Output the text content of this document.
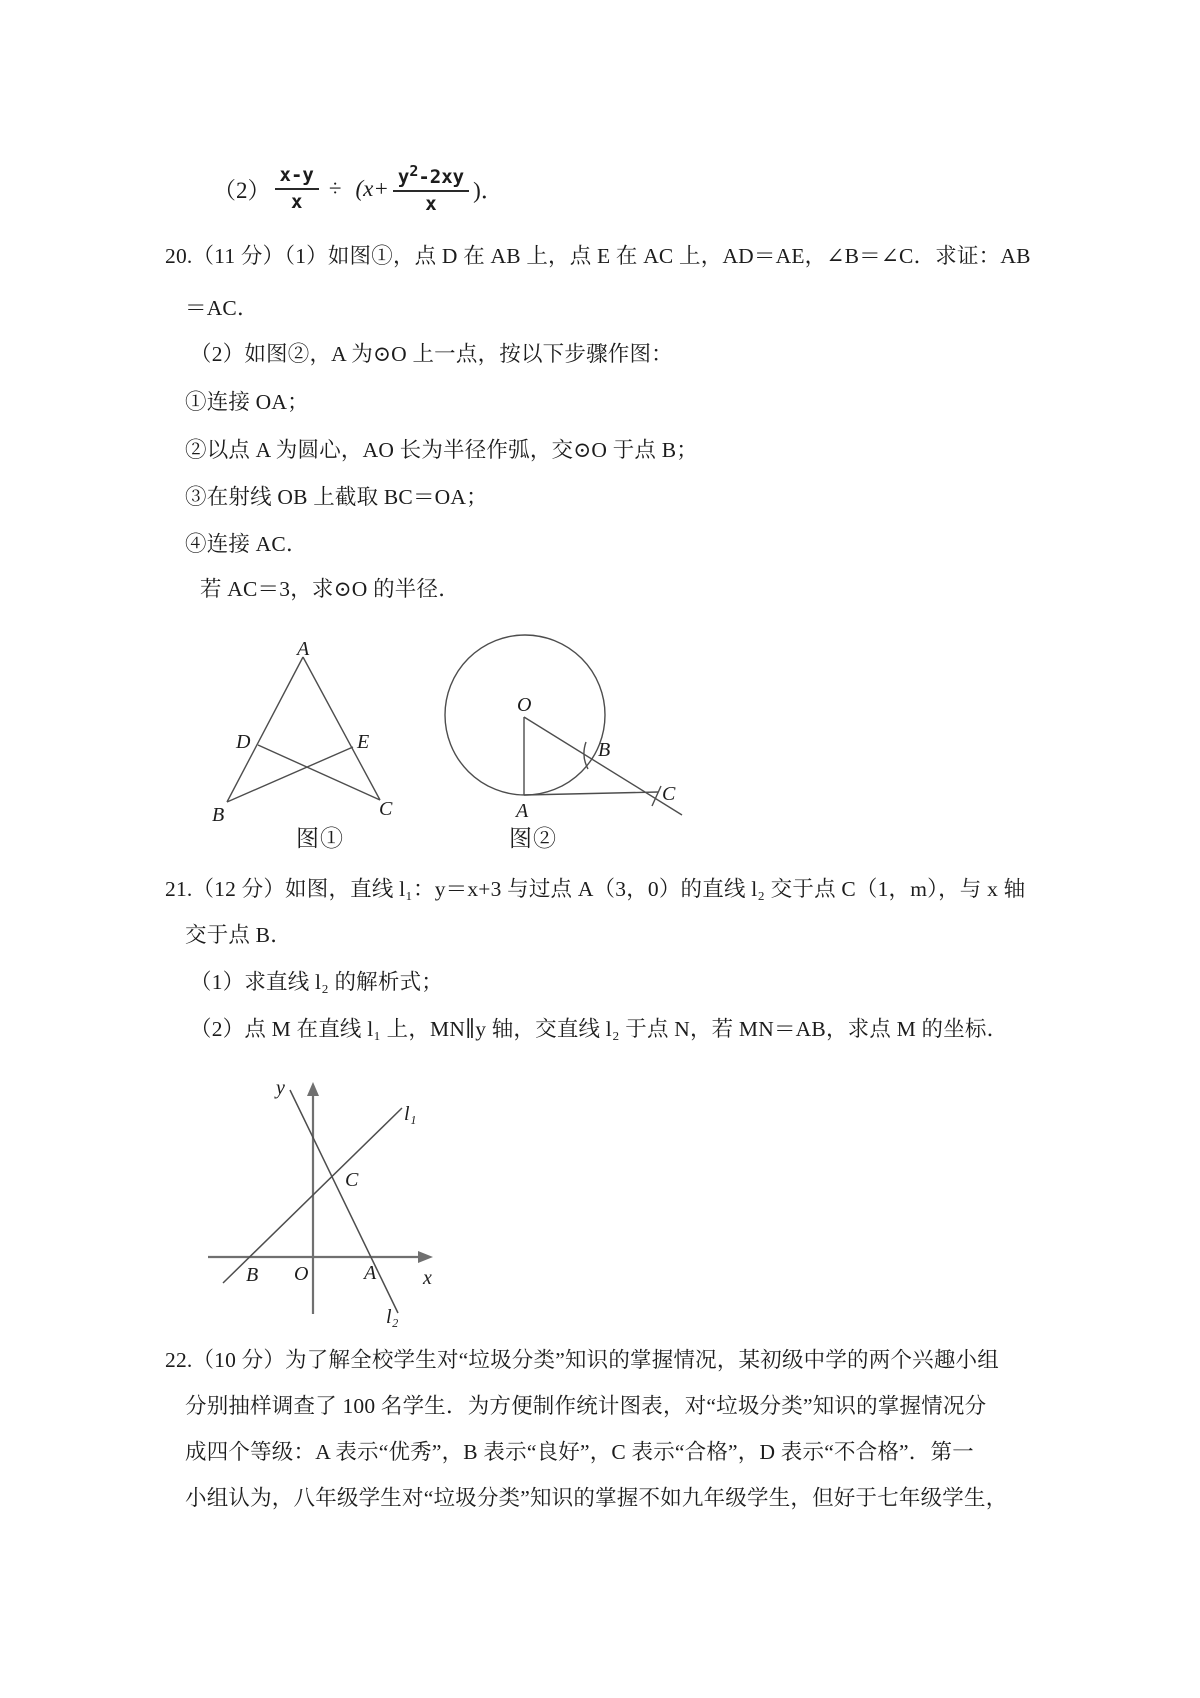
$(2) \frac{x-y}{x}$ ÷ ( $x+ \frac{y^2-2xy}{x}$ )．
20.（11 分）（1）如图①，点 D 在 AB 上，点 E 在 AC 上，AD＝AE，∠B＝∠C．求证：AB
＝AC．
（2）如图②，A 为⊙O 上一点，按以下步骤作图：
①连接 OA；
②以点 A 为圆心，AO 长为半径作弧，交⊙O 于点 B；
③在射线 OB 上截取 BC＝OA；
④连接 AC．
若 AC＝3，求⊙O 的半径．
A
B	C
D	E
图①
O
A
B
C
图②
21.（12 分）如图，直线 l₁：y＝x+3 与过点 A（3，0）的直线 l₂ 交于点 C（1，m），与 x 轴
交于点 B．
（1）求直线 l₂ 的解析式；
（2）点 M 在直线 l₁ 上，MN∥y 轴，交直线 l₂ 于点 N，若 MN＝AB，求点 M 的坐标．
y
x
O
B	A
C
l₁
l₂
22.（10 分）为了解全校学生对“垃圾分类”知识的掌握情况，某初级中学的两个兴趣小组
分别抽样调查了 100 名学生．为方便制作统计图表，对“垃圾分类”知识的掌握情况分
成四个等级：A 表示“优秀”，B 表示“良好”，C 表示“合格”，D 表示“不合格”．第一
小组认为，八年级学生对“垃圾分类”知识的掌握不如九年级学生，但好于七年级学生，
